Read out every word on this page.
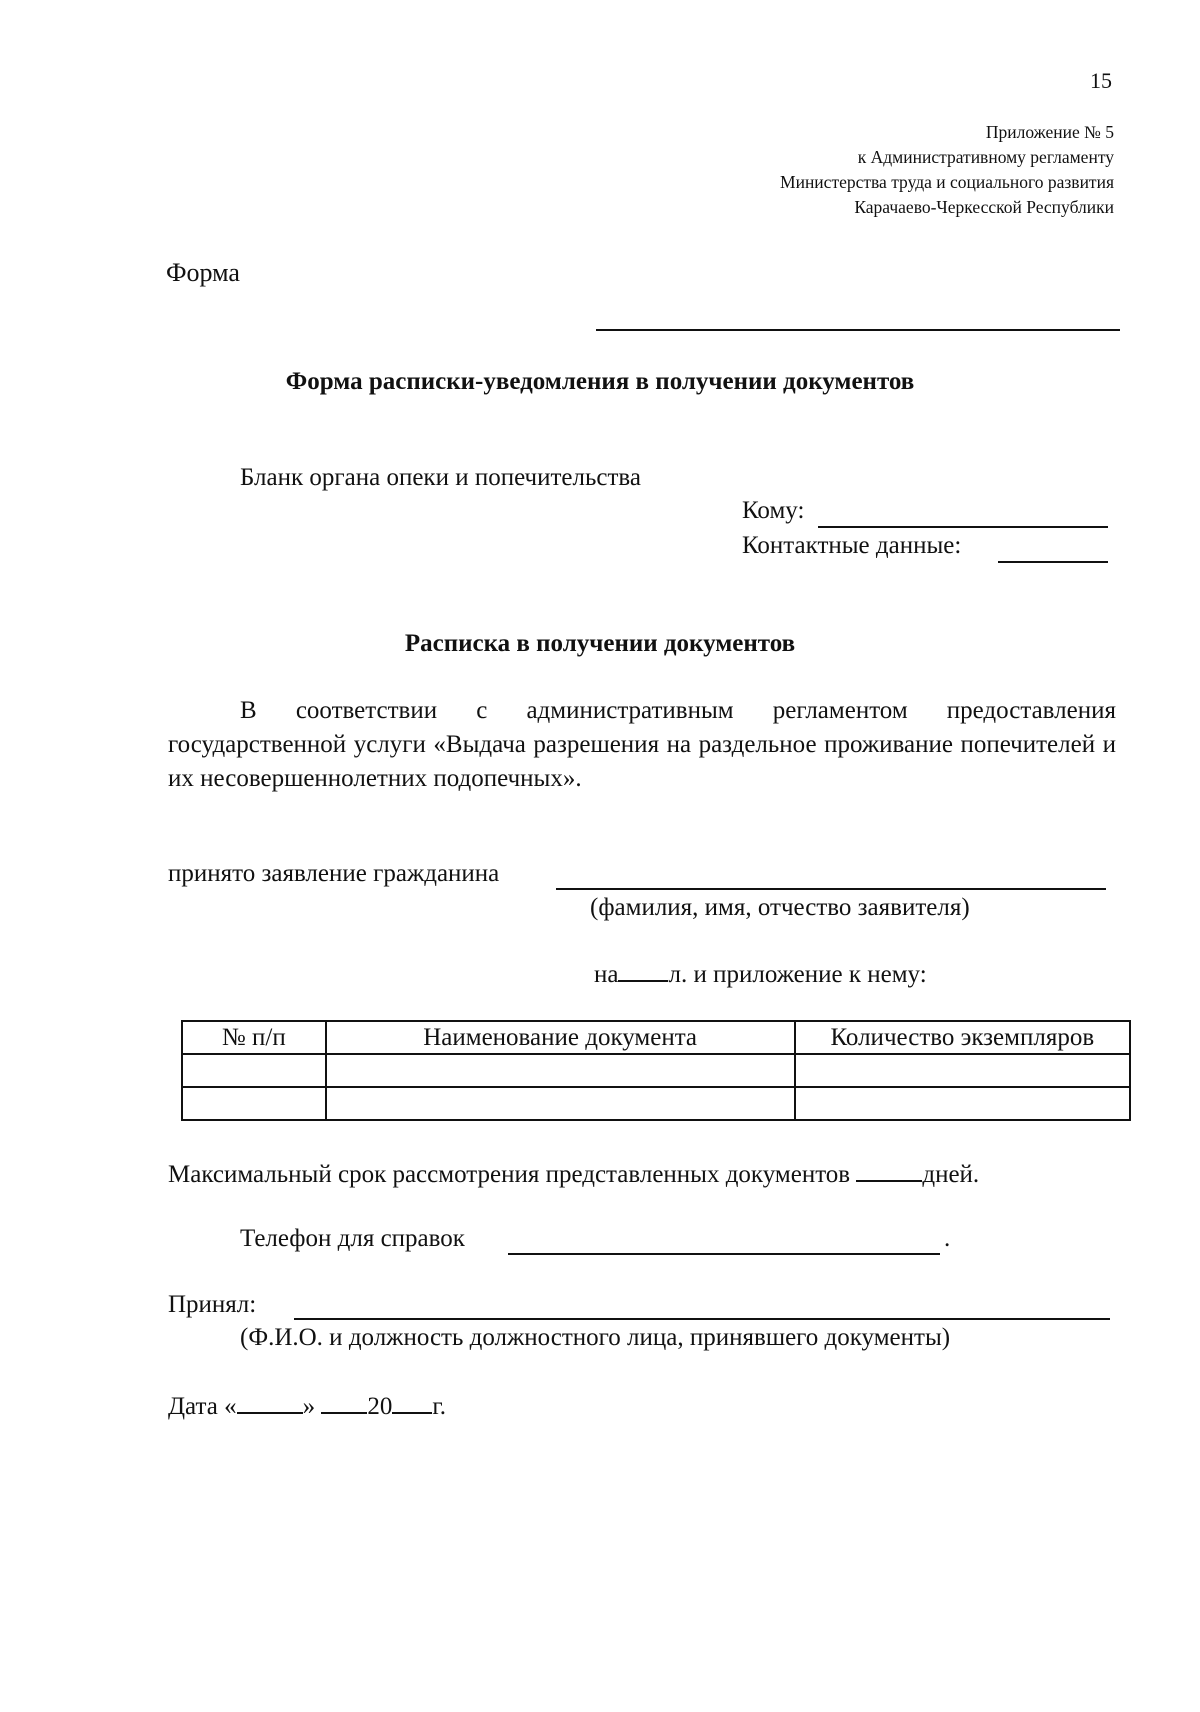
15
Приложение № 5
к Административному регламенту
Министерства труда и социального развития
Карачаево-Черкесской Республики
Форма
Форма расписки-уведомления в получении документов
Бланк органа опеки и попечительства
Кому:
Контактные данные:
Расписка в получении документов
В соответствии с административным регламентом предоставления государственной услуги «Выдача разрешения на раздельное проживание попечителей и их несовершеннолетних подопечных».
принято заявление гражданина
(фамилия, имя, отчество заявителя)
на л. и приложение к нему:
№ п/п	Наименование документа	Количество экземпляров

Максимальный срок рассмотрения представленных документов	дней.
Телефон для справок	.
Принял:
(Ф.И.О. и должность должностного лица, принявшего документы)
Дата «	» 20 г.
